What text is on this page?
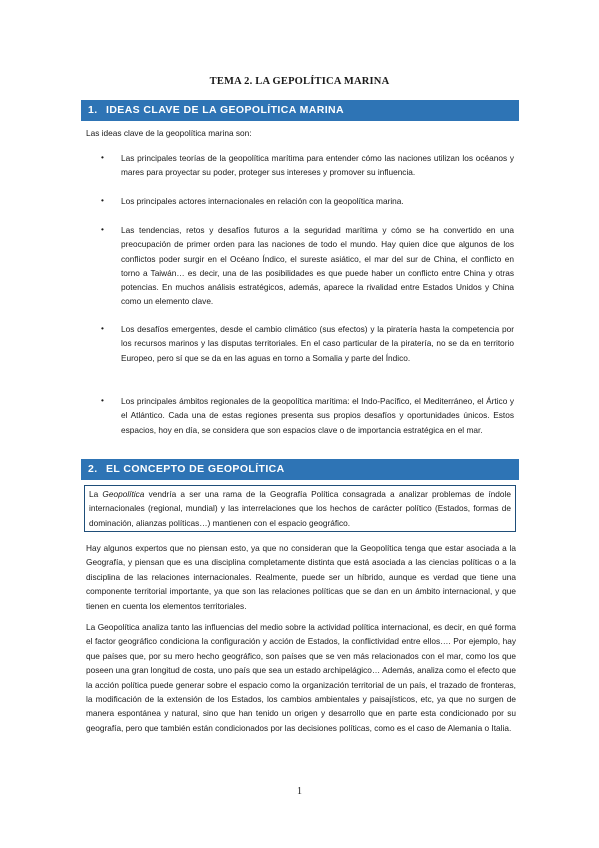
TEMA 2. LA GEPOLÍTICA MARINA
1. IDEAS CLAVE DE LA GEOPOLÍTICA MARINA
Las ideas clave de la geopolítica marina son:
• Las principales teorías de la geopolítica marítima para entender cómo las naciones utilizan los océanos y mares para proyectar su poder, proteger sus intereses y promover su influencia.
• Los principales actores internacionales en relación con la geopolítica marina.
• Las tendencias, retos y desafíos futuros a la seguridad marítima y cómo se ha convertido en una preocupación de primer orden para las naciones de todo el mundo. Hay quien dice que algunos de los conflictos poder surgir en el Océano Índico, el sureste asiático, el mar del sur de China, el conflicto en torno a Taiwán… es decir, una de las posibilidades es que puede haber un conflicto entre China y otras potencias. En muchos análisis estratégicos, además, aparece la rivalidad entre Estados Unidos y China como un elemento clave.
• Los desafíos emergentes, desde el cambio climático (sus efectos) y la piratería hasta la competencia por los recursos marinos y las disputas territoriales. En el caso particular de la piratería, no se da en territorio Europeo, pero sí que se da en las aguas en torno a Somalia y parte del Índico.
• Los principales ámbitos regionales de la geopolítica marítima: el Indo-Pacífico, el Mediterráneo, el Ártico y el Atlántico. Cada una de estas regiones presenta sus propios desafíos y oportunidades únicos. Estos espacios, hoy en día, se considera que son espacios clave o de importancia estratégica en el mar.
2. EL CONCEPTO DE GEOPOLÍTICA
La Geopolítica vendría a ser una rama de la Geografía Política consagrada a analizar problemas de índole internacionales (regional, mundial) y las interrelaciones que los hechos de carácter político (Estados, formas de dominación, alianzas políticas…) mantienen con el espacio geográfico.
Hay algunos expertos que no piensan esto, ya que no consideran que la Geopolítica tenga que estar asociada a la Geografía, y piensan que es una disciplina completamente distinta que está asociada a las ciencias políticas o a la disciplina de las relaciones internacionales. Realmente, puede ser un híbrido, aunque es verdad que tiene una componente territorial importante, ya que son las relaciones políticas que se dan en un ámbito internacional, y que tienen en cuenta los elementos territoriales.
La Geopolítica analiza tanto las influencias del medio sobre la actividad política internacional, es decir, en qué forma el factor geográfico condiciona la configuración y acción de Estados, la conflictividad entre ellos…. Por ejemplo, hay que países que, por su mero hecho geográfico, son países que se ven más relacionados con el mar, como los que poseen una gran longitud de costa, uno país que sea un estado archipelágico… Además, analiza como el efecto que la acción política puede generar sobre el espacio como la organización territorial de un país, el trazado de fronteras, la modificación de la extensión de los Estados, los cambios ambientales y paisajísticos, etc, ya que no surgen de manera espontánea y natural, sino que han tenido un origen y desarrollo que en parte esta condicionado por su geografía, pero que también están condicionados por las decisiones políticas, como es el caso de Alemania o Italia.
1
